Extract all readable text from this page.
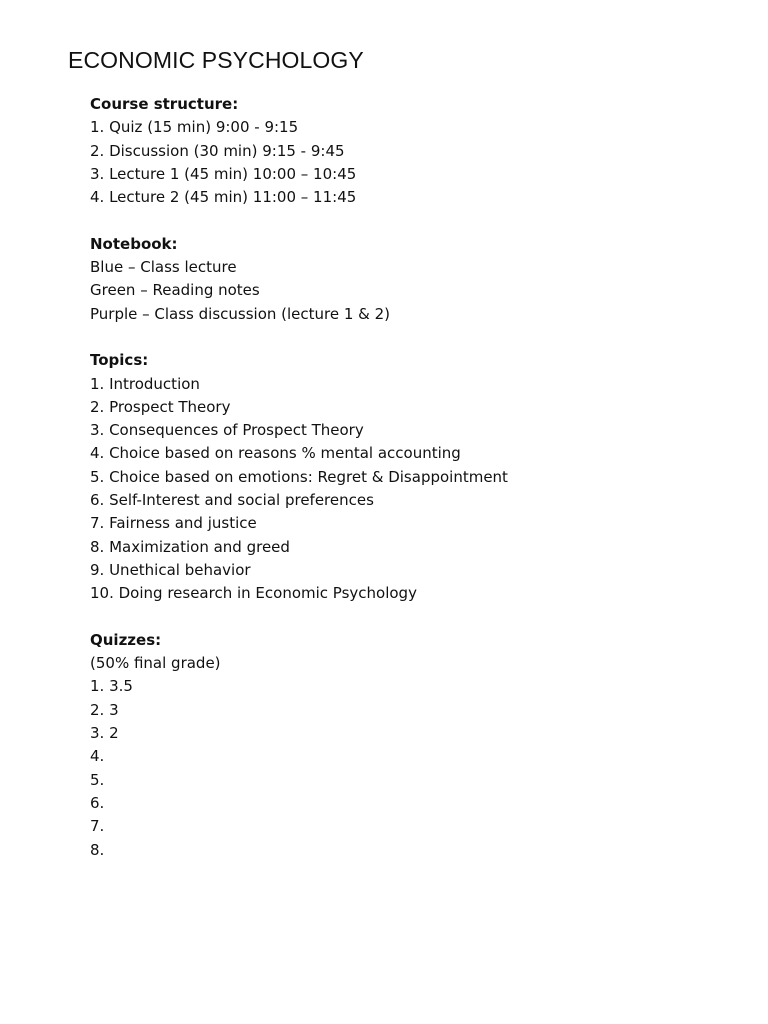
ECONOMIC PSYCHOLOGY

Course structure:

1. Quiz (15 min) 9:00 - 9:15
2. Discussion (30 min) 9:15 - 9:45
3. Lecture 1 (45 min) 10:00 – 10:45
4. Lecture 2 (45 min) 11:00 – 11:45

Notebook:

Blue – Class lecture
Green – Reading notes
Purple – Class discussion (lecture 1 & 2)

Topics:

1. Introduction
2. Prospect Theory
3. Consequences of Prospect Theory
4. Choice based on reasons % mental accounting
5. Choice based on emotions: Regret & Disappointment
6. Self-Interest and social preferences
7. Fairness and justice
8. Maximization and greed
9. Unethical behavior
10. Doing research in Economic Psychology

Quizzes:

(50% final grade)
1. 3.5
2. 3
3. 2
4.
5.
6.
7.
8.
